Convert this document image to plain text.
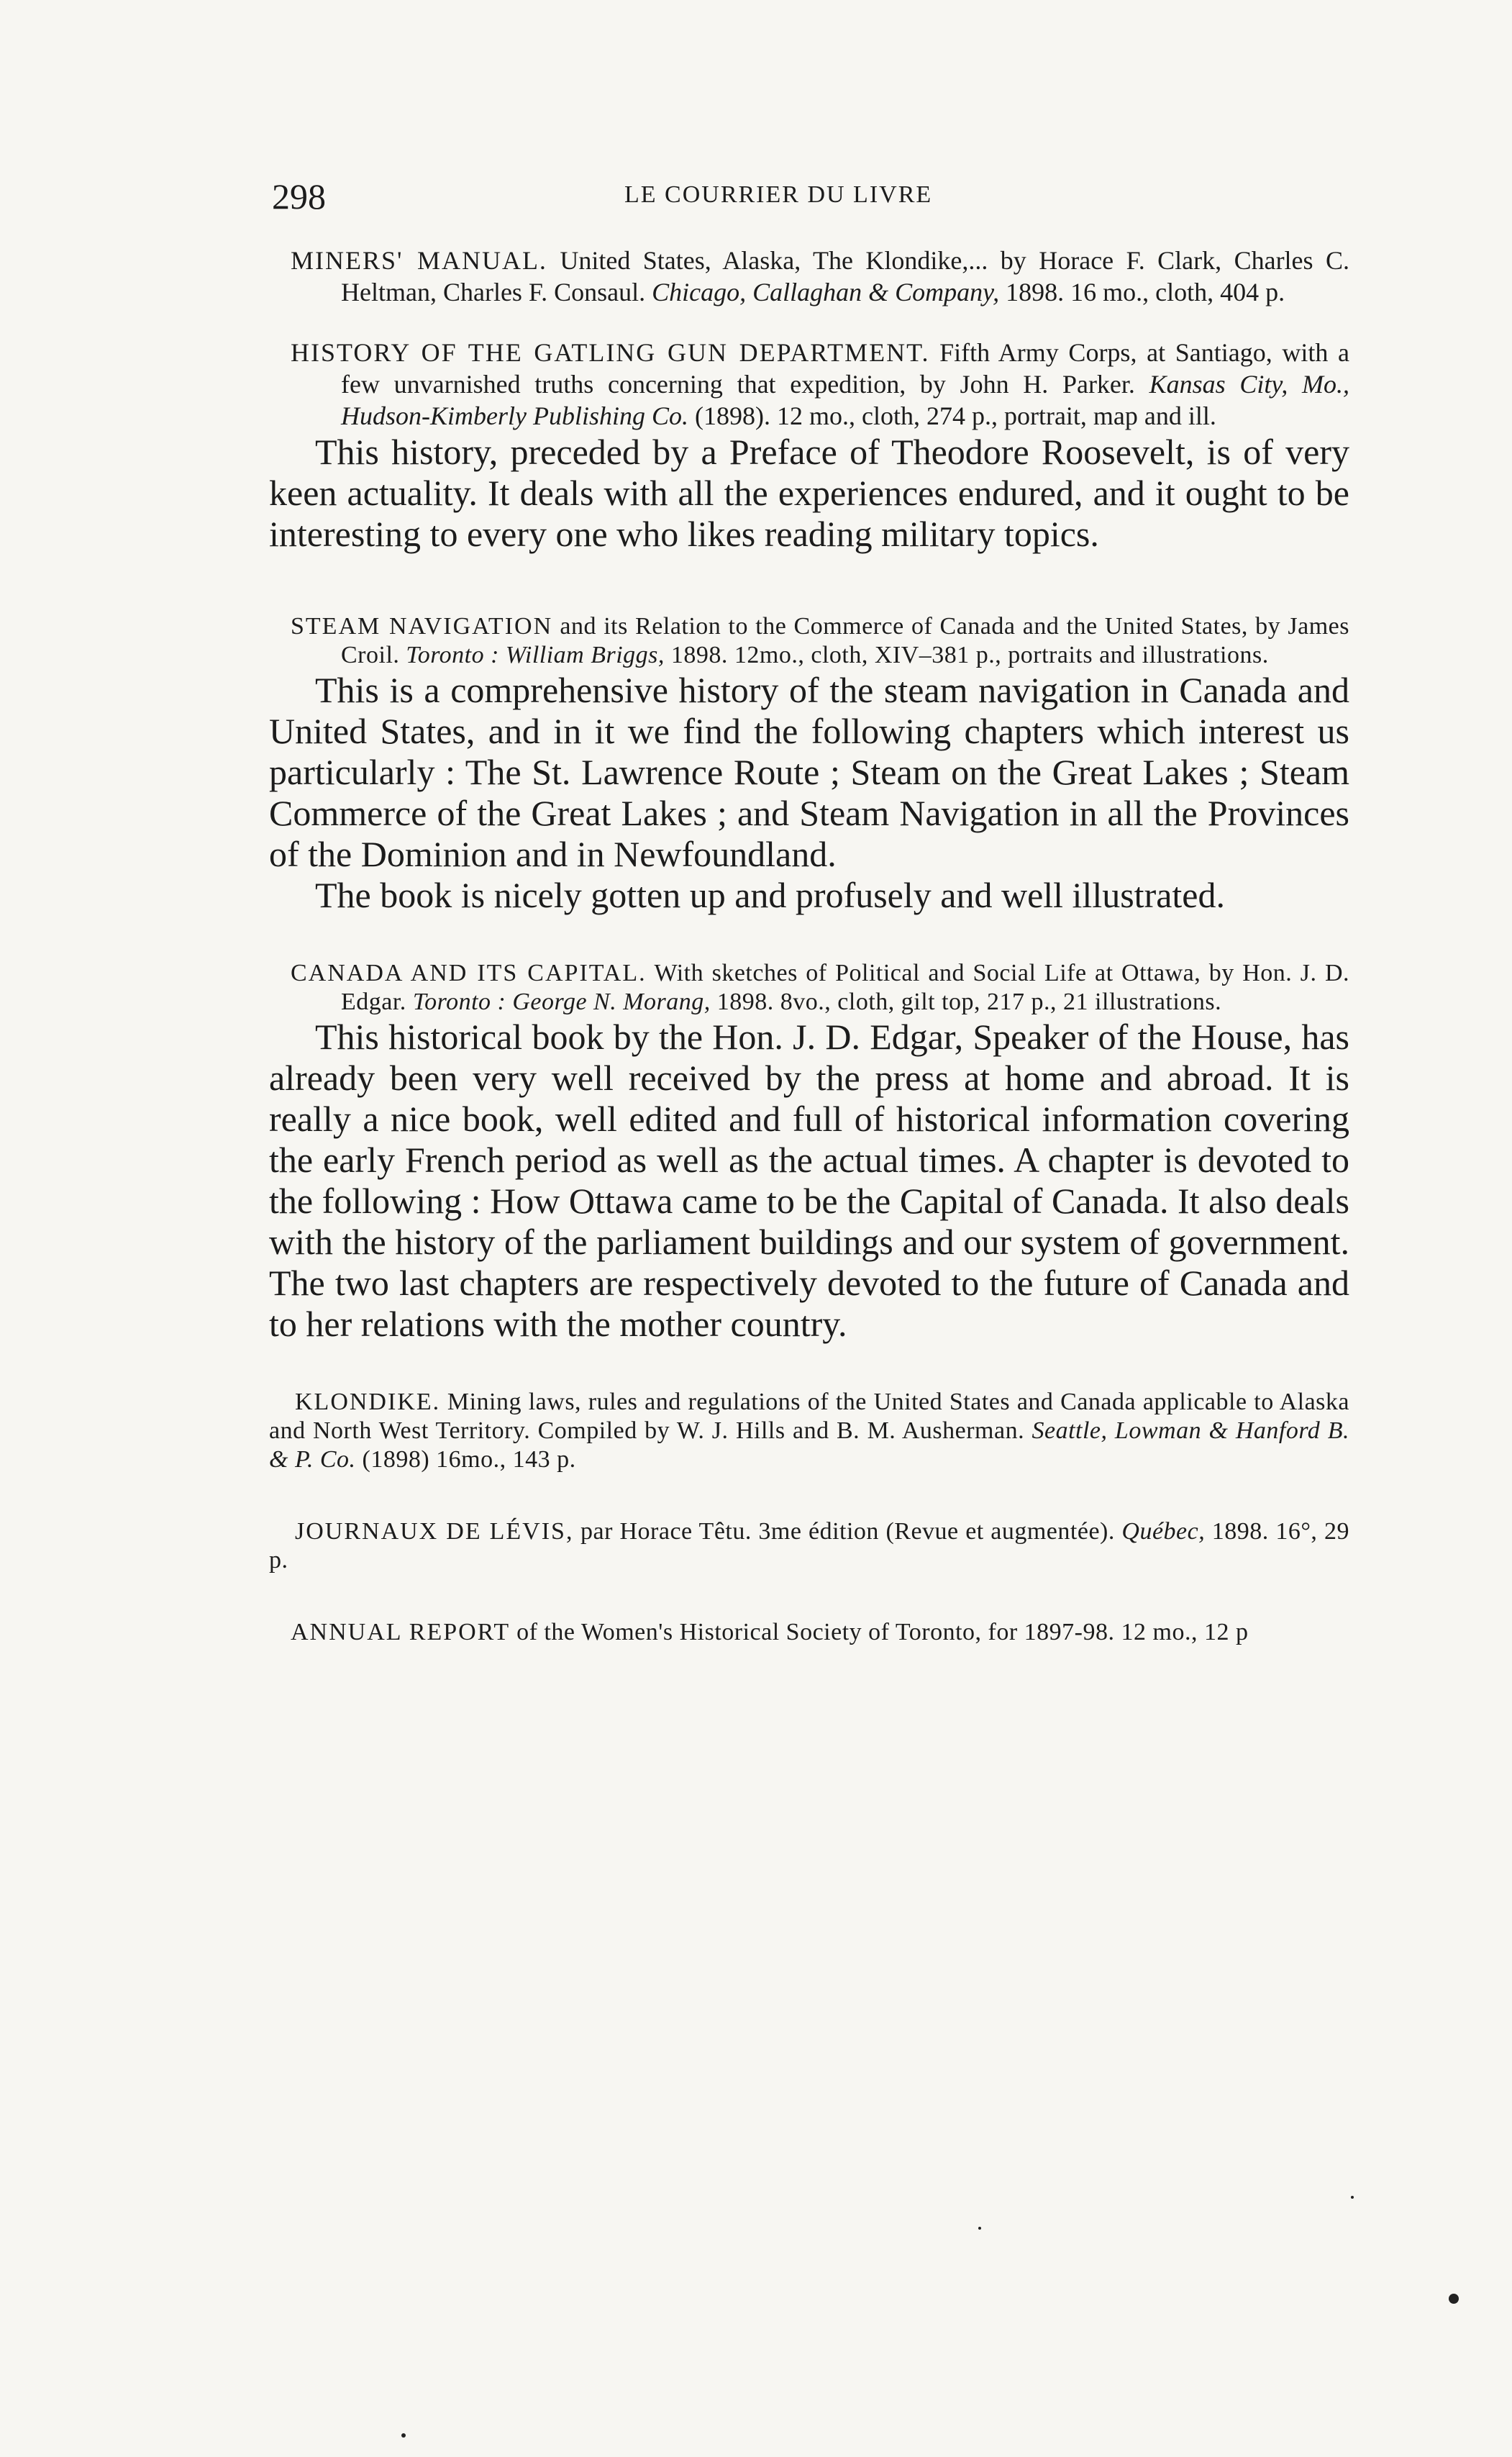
298	LE COURRIER DU LIVRE

MINERS' MANUAL. United States, Alaska, The Klondike,... by Horace F. Clark, Charles C. Heltman, Charles F. Consaul. Chicago, Callaghan & Company, 1898. 16 mo., cloth, 404 p.

HISTORY OF THE GATLING GUN DEPARTMENT. Fifth Army Corps, at Santiago, with a few unvarnished truths concerning that expedition, by John H. Parker. Kansas City, Mo., Hudson-Kimberly Publishing Co. (1898). 12 mo., cloth, 274 p., portrait, map and ill.

This history, preceded by a Preface of Theodore Roosevelt, is of very keen actuality. It deals with all the experiences endured, and it ought to be interesting to every one who likes reading military topics.

STEAM NAVIGATION and its Relation to the Commerce of Canada and the United States, by James Croil. Toronto : William Briggs, 1898. 12mo., cloth, XIV–381 p., portraits and illustrations.

This is a comprehensive history of the steam navigation in Canada and United States, and in it we find the following chapters which interest us particularly : The St. Lawrence Route ; Steam on the Great Lakes ; Steam Commerce of the Great Lakes ; and Steam Navigation in all the Provinces of the Dominion and in Newfoundland.

The book is nicely gotten up and profusely and well illustrated.

CANADA AND ITS CAPITAL. With sketches of Political and Social Life at Ottawa, by Hon. J. D. Edgar. Toronto : George N. Morang, 1898. 8vo., cloth, gilt top, 217 p., 21 illustrations.

This historical book by the Hon. J. D. Edgar, Speaker of the House, has already been very well received by the press at home and abroad. It is really a nice book, well edited and full of historical information covering the early French period as well as the actual times. A chapter is devoted to the following : How Ottawa came to be the Capital of Canada. It also deals with the history of the parliament buildings and our system of government. The two last chapters are respectively devoted to the future of Canada and to her relations with the mother country.

KLONDIKE. Mining laws, rules and regulations of the United States and Canada applicable to Alaska and North West Territory. Compiled by W. J. Hills and B. M. Ausherman. Seattle, Lowman & Hanford B. & P. Co. (1898) 16mo., 143 p.

JOURNAUX DE LÉVIS, par Horace Têtu. 3me édition (Revue et augmentée). Québec, 1898. 16°, 29 p.

ANNUAL REPORT of the Women's Historical Society of Toronto, for 1897-98. 12 mo., 12 p
